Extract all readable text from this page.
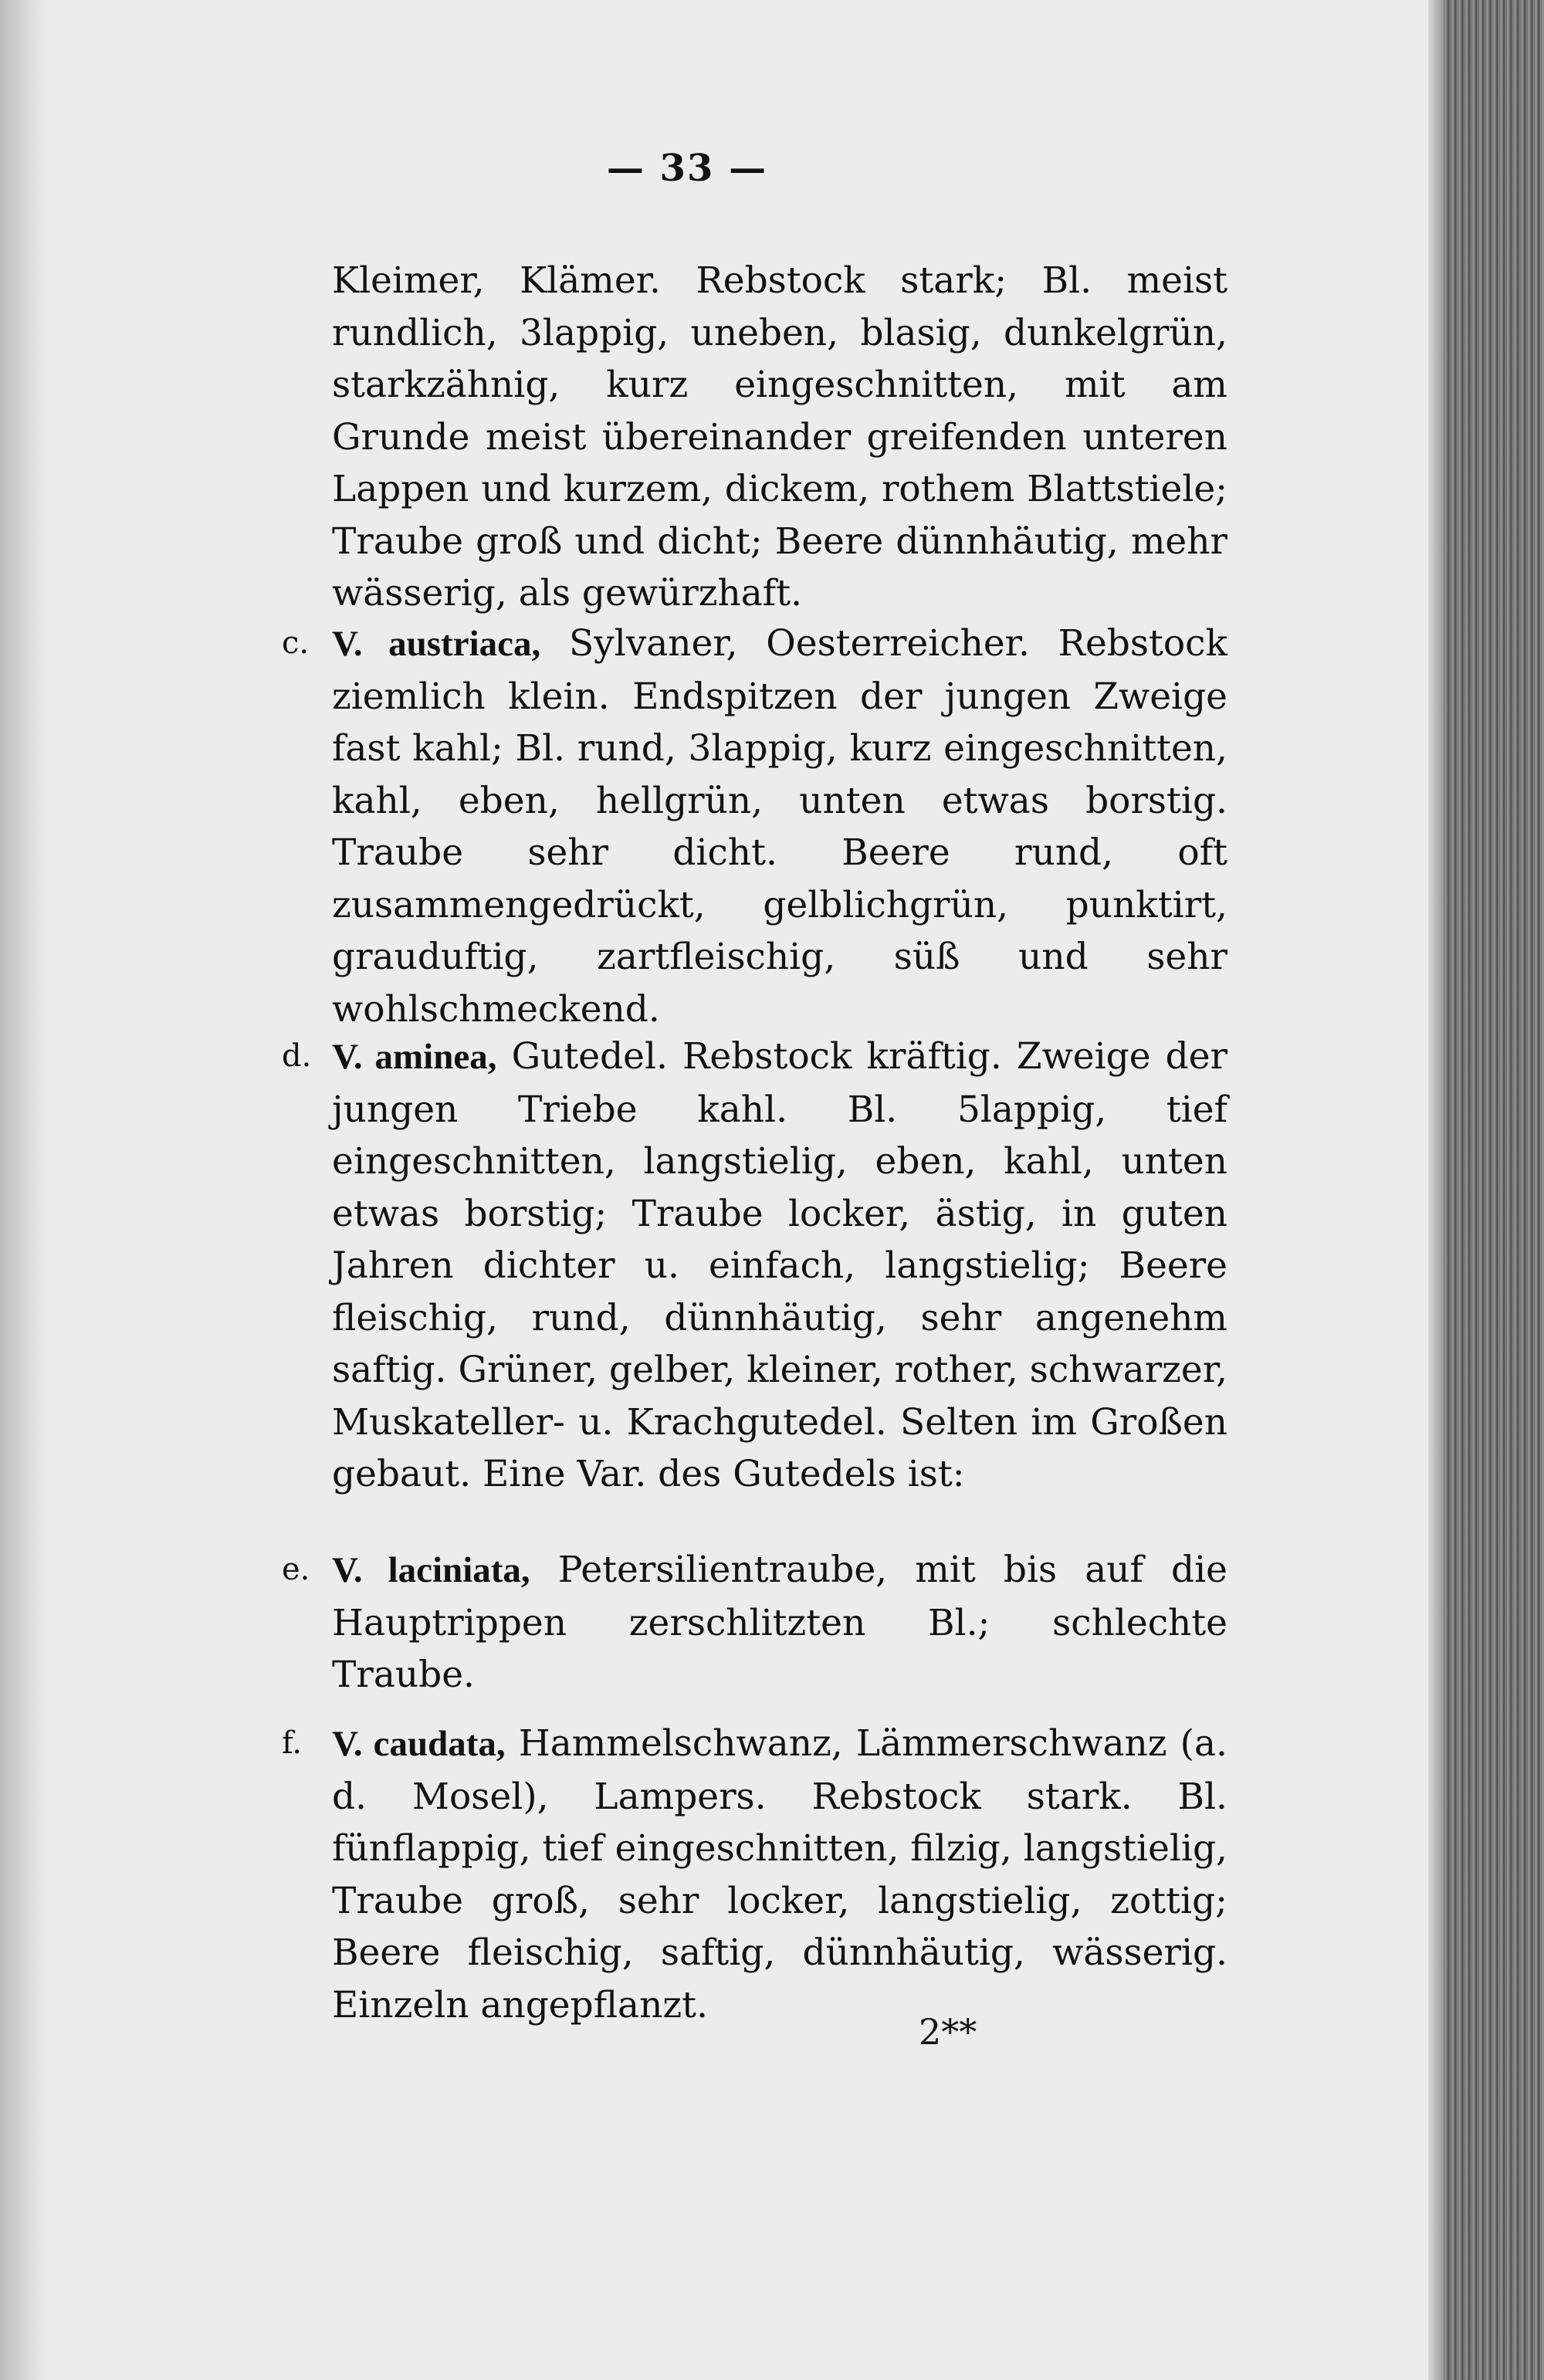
— 33 —
Kleimer, Klämer. Rebstock stark; Bl. meist rundlich, 3lappig, uneben, blasig, dunkelgrün, starkzähnig, kurz eingeschnitten, mit am Grunde meist übereinander greifenden unteren Lappen und kurzem, dickem, rothem Blattstiele; Traube groß und dicht; Beere dünnhäutig, mehr wässerig, als gewürzhaft.
c. V. austriaca, Sylvaner, Oesterreicher. Rebstock ziemlich klein. Endspitzen der jungen Zweige fast kahl; Bl. rund, 3lappig, kurz eingeschnitten, kahl, eben, hellgrün, unten etwas borstig. Traube sehr dicht. Beere rund, oft zusammengedrückt, gelblichgrün, punktirt, grauduftig, zartfleischig, süß und sehr wohlschmeckend.
d. V. aminea, Gutedel. Rebstock kräftig. Zweige der jungen Triebe kahl. Bl. 5lappig, tief eingeschnitten, langstielig, eben, kahl, unten etwas borstig; Traube locker, ästig, in guten Jahren dichter u. einfach, langstielig; Beere fleischig, rund, dünnhäutig, sehr angenehm saftig. Grüner, gelber, kleiner, rother, schwarzer, Muskateller- u. Krachgutedel. Selten im Großen gebaut. Eine Var. des Gutedels ist:
e. V. laciniata, Petersilientraube, mit bis auf die Hauptrippen zerschlitzten Bl.; schlechte Traube.
f. V. caudata, Hammelschwanz, Lämmerschwanz (a. d. Mosel), Lampers. Rebstock stark. Bl. fünflappig, tief eingeschnitten, filzig, langstielig, Traube groß, sehr locker, langstielig, zottig; Beere fleischig, saftig, dünnhäutig, wässerig. Einzeln angepflanzt.
2**
